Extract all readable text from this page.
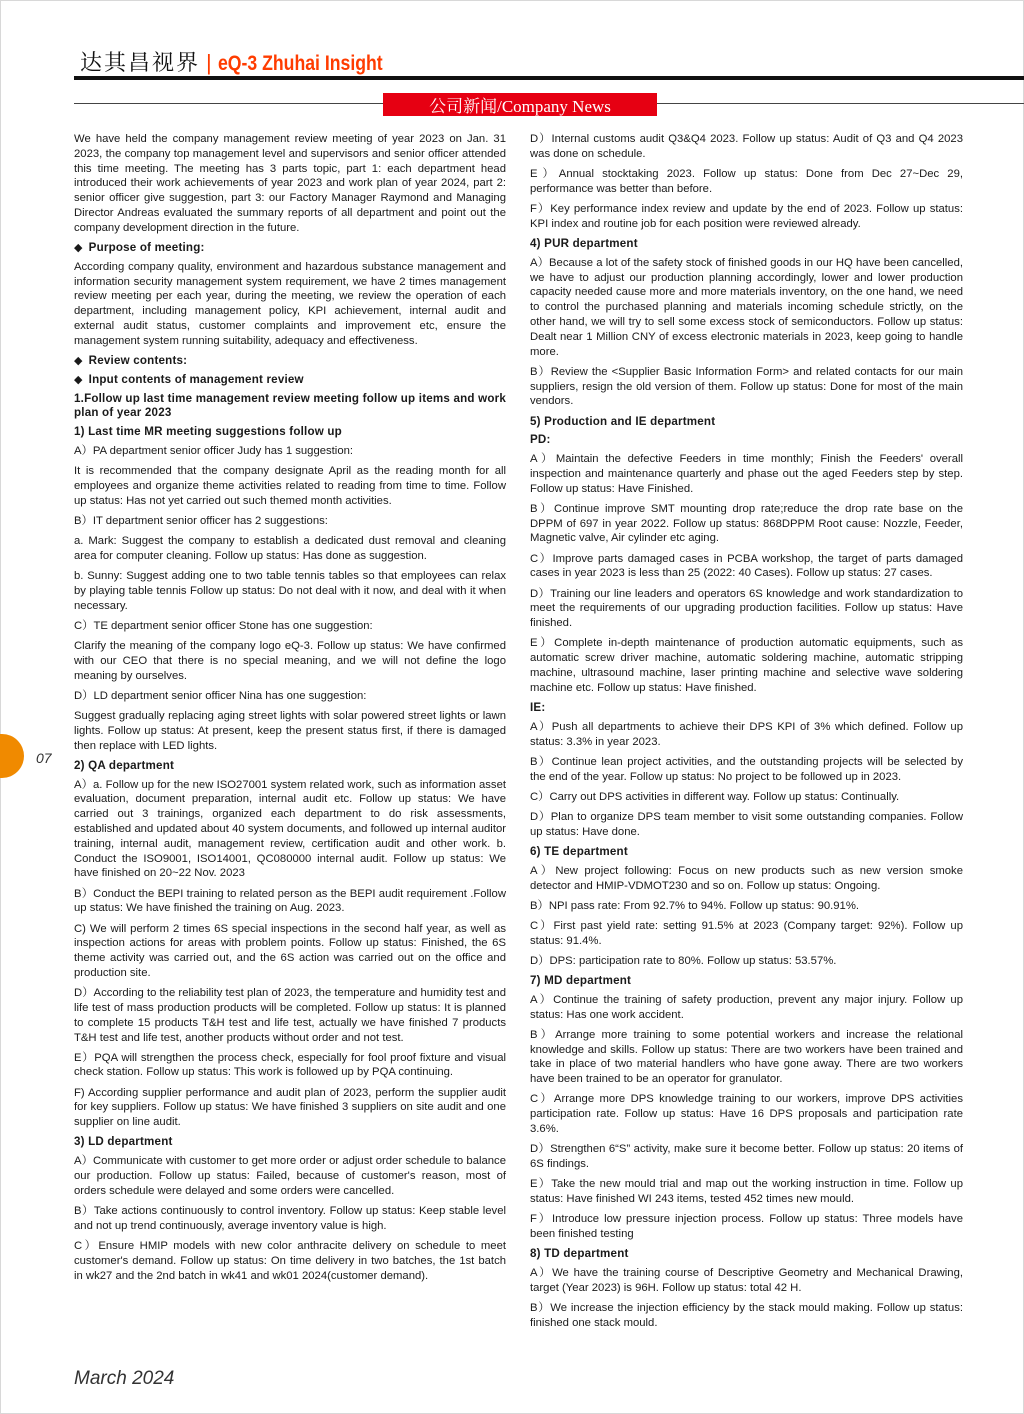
达其昌视界 | eQ-3 Zhuhai Insight
公司新闻/Company News

We have held the company management review meeting of year 2023 on Jan. 31 2023, the company top management level and supervisors and senior officer attended this time meeting. The meeting has 3 parts topic, part 1: each department head introduced their work achievements of year 2023 and work plan of year 2024, part 2: senior officer give suggestion, part 3: our Factory Manager Raymond and Managing Director Andreas evaluated the summary reports of all department and point out the company development direction in the future.

◆ Purpose of meeting:

According company quality, environment and hazardous substance management and information security management system requirement, we have 2 times management review meeting per each year, during the meeting, we review the operation of each department, including management policy, KPI achievement, internal audit and external audit status, customer complaints and improvement etc, ensure the management system running suitability, adequacy and effectiveness.

◆ Review contents:
◆ Input contents of management review
1.Follow up last time management review meeting follow up items and work plan of year 2023
1) Last time MR meeting suggestions follow up

A）PA department senior officer Judy has 1 suggestion:

It is recommended that the company designate April as the reading month for all employees and organize theme activities related to reading from time to time. Follow up status: Has not yet carried out such themed month activities.

B）IT department senior officer has 2 suggestions:

a. Mark: Suggest the company to establish a dedicated dust removal and cleaning area for computer cleaning. Follow up status: Has done as suggestion.

b. Sunny: Suggest adding one to two table tennis tables so that employees can relax by playing table tennis Follow up status: Do not deal with it now, and deal with it when necessary.

C）TE department senior officer Stone has one suggestion:

Clarify the meaning of the company logo eQ-3. Follow up status: We have confirmed with our CEO that there is no special meaning, and we will not define the logo meaning by ourselves.

D）LD department senior officer Nina has one suggestion:

Suggest gradually replacing aging street lights with solar powered street lights or lawn lights. Follow up status: At present, keep the present status first, if there is damaged then replace with LED lights.

2) QA department

A）a. Follow up for the new ISO27001 system related work, such as information asset evaluation, document preparation, internal audit etc. Follow up status: We have carried out 3 trainings, organized each department to do risk assessments, established and updated about 40 system documents, and followed up internal auditor training, internal audit, management review, certification audit and other work. b. Conduct the ISO9001, ISO14001, QC080000 internal audit. Follow up status: We have finished on 20~22 Nov. 2023

B）Conduct the BEPI training to related person as the BEPI audit requirement .Follow up status: We have finished the training on Aug. 2023.

C) We will perform 2 times 6S special inspections in the second half year, as well as inspection actions for areas with problem points. Follow up status: Finished, the 6S theme activity was carried out, and the 6S action was carried out on the office and production site.

D）According to the reliability test plan of 2023, the temperature and humidity test and life test of mass production products will be completed. Follow up status: It is planned to complete 15 products T&H test and life test, actually we have finished 7 products T&H test and life test, another products without order and not test.

E）PQA will strengthen the process check, especially for fool proof fixture and visual check station. Follow up status: This work is followed up by PQA continuing.

F) According supplier performance and audit plan of 2023, perform the supplier audit for key suppliers. Follow up status: We have finished 3 suppliers on site audit and one supplier on line audit.

3) LD department

A）Communicate with customer to get more order or adjust order schedule to balance our production. Follow up status: Failed, because of customer's reason, most of orders schedule were delayed and some orders were cancelled.

B）Take actions continuously to control inventory. Follow up status: Keep stable level and not up trend continuously, average inventory value is high.

C）Ensure HMIP models with new color anthracite delivery on schedule to meet customer's demand. Follow up status: On time delivery in two batches, the 1st batch in wk27 and the 2nd batch in wk41 and wk01 2024(customer demand).

D）Internal customs audit Q3&Q4 2023. Follow up status: Audit of Q3 and Q4 2023 was done on schedule.

E）Annual stocktaking 2023. Follow up status: Done from Dec 27~Dec 29, performance was better than before.

F）Key performance index review and update by the end of 2023. Follow up status: KPI index and routine job for each position were reviewed already.

4) PUR department

A）Because a lot of the safety stock of finished goods in our HQ have been cancelled, we have to adjust our production planning accordingly, lower and lower production capacity needed cause more and more materials inventory, on the one hand, we need to control the purchased planning and materials incoming schedule strictly, on the other hand, we will try to sell some excess stock of semiconductors. Follow up status: Dealt near 1 Million CNY of excess electronic materials in 2023, keep going to handle more.

B）Review the <Supplier Basic Information Form> and related contacts for our main suppliers, resign the old version of them. Follow up status: Done for most of the main vendors.

5) Production and IE department
PD:

A）Maintain the defective Feeders in time monthly; Finish the Feeders' overall inspection and maintenance quarterly and phase out the aged Feeders step by step. Follow up status: Have Finished.

B）Continue improve SMT mounting drop rate;reduce the drop rate base on the DPPM of 697 in year 2022. Follow up status: 868DPPM Root cause: Nozzle, Feeder, Magnetic valve, Air cylinder etc aging.

C）Improve parts damaged cases in PCBA workshop, the target of parts damaged cases in year 2023 is less than 25 (2022: 40 Cases). Follow up status: 27 cases.

D）Training our line leaders and operators 6S knowledge and work standardization to meet the requirements of our upgrading production facilities. Follow up status: Have finished.

E）Complete in-depth maintenance of production automatic equipments, such as automatic screw driver machine, automatic soldering machine, automatic stripping machine, ultrasound machine, laser printing machine and selective wave soldering machine etc. Follow up status: Have finished.

IE:

A）Push all departments to achieve their DPS KPI of 3% which defined. Follow up status: 3.3% in year 2023.

B）Continue lean project activities, and the outstanding projects will be selected by the end of the year. Follow up status: No project to be followed up in 2023.

C）Carry out DPS activities in different way. Follow up status: Continually.

D）Plan to organize DPS team member to visit some outstanding companies. Follow up status: Have done.

6) TE department

A）New project following: Focus on new products such as new version smoke detector and HMIP-VDMOT230 and so on. Follow up status: Ongoing.

B）NPI pass rate: From 92.7% to 94%. Follow up status: 90.91%.

C）First past yield rate: setting 91.5% at 2023 (Company target: 92%). Follow up status: 91.4%.

D）DPS: participation rate to 80%. Follow up status: 53.57%.

7) MD department

A）Continue the training of safety production, prevent any major injury. Follow up status: Has one work accident.

B）Arrange more training to some potential workers and increase the relational knowledge and skills. Follow up status: There are two workers have been trained and take in place of two material handlers who have gone away. There are two workers have been trained to be an operator for granulator.

C）Arrange more DPS knowledge training to our workers, improve DPS activities participation rate. Follow up status: Have 16 DPS proposals and participation rate 3.6%.

D）Strengthen 6“S” activity, make sure it become better. Follow up status: 20 items of 6S findings.

E）Take the new mould trial and map out the working instruction in time. Follow up status: Have finished WI 243 items, tested 452 times new mould.

F）Introduce low pressure injection process. Follow up status: Three models have been finished testing

8) TD department

A）We have the training course of Descriptive Geometry and Mechanical Drawing, target (Year 2023) is 96H. Follow up status: total 42 H.

B）We increase the injection efficiency by the stack mould making. Follow up status: finished one stack mould.

07
March 2024
